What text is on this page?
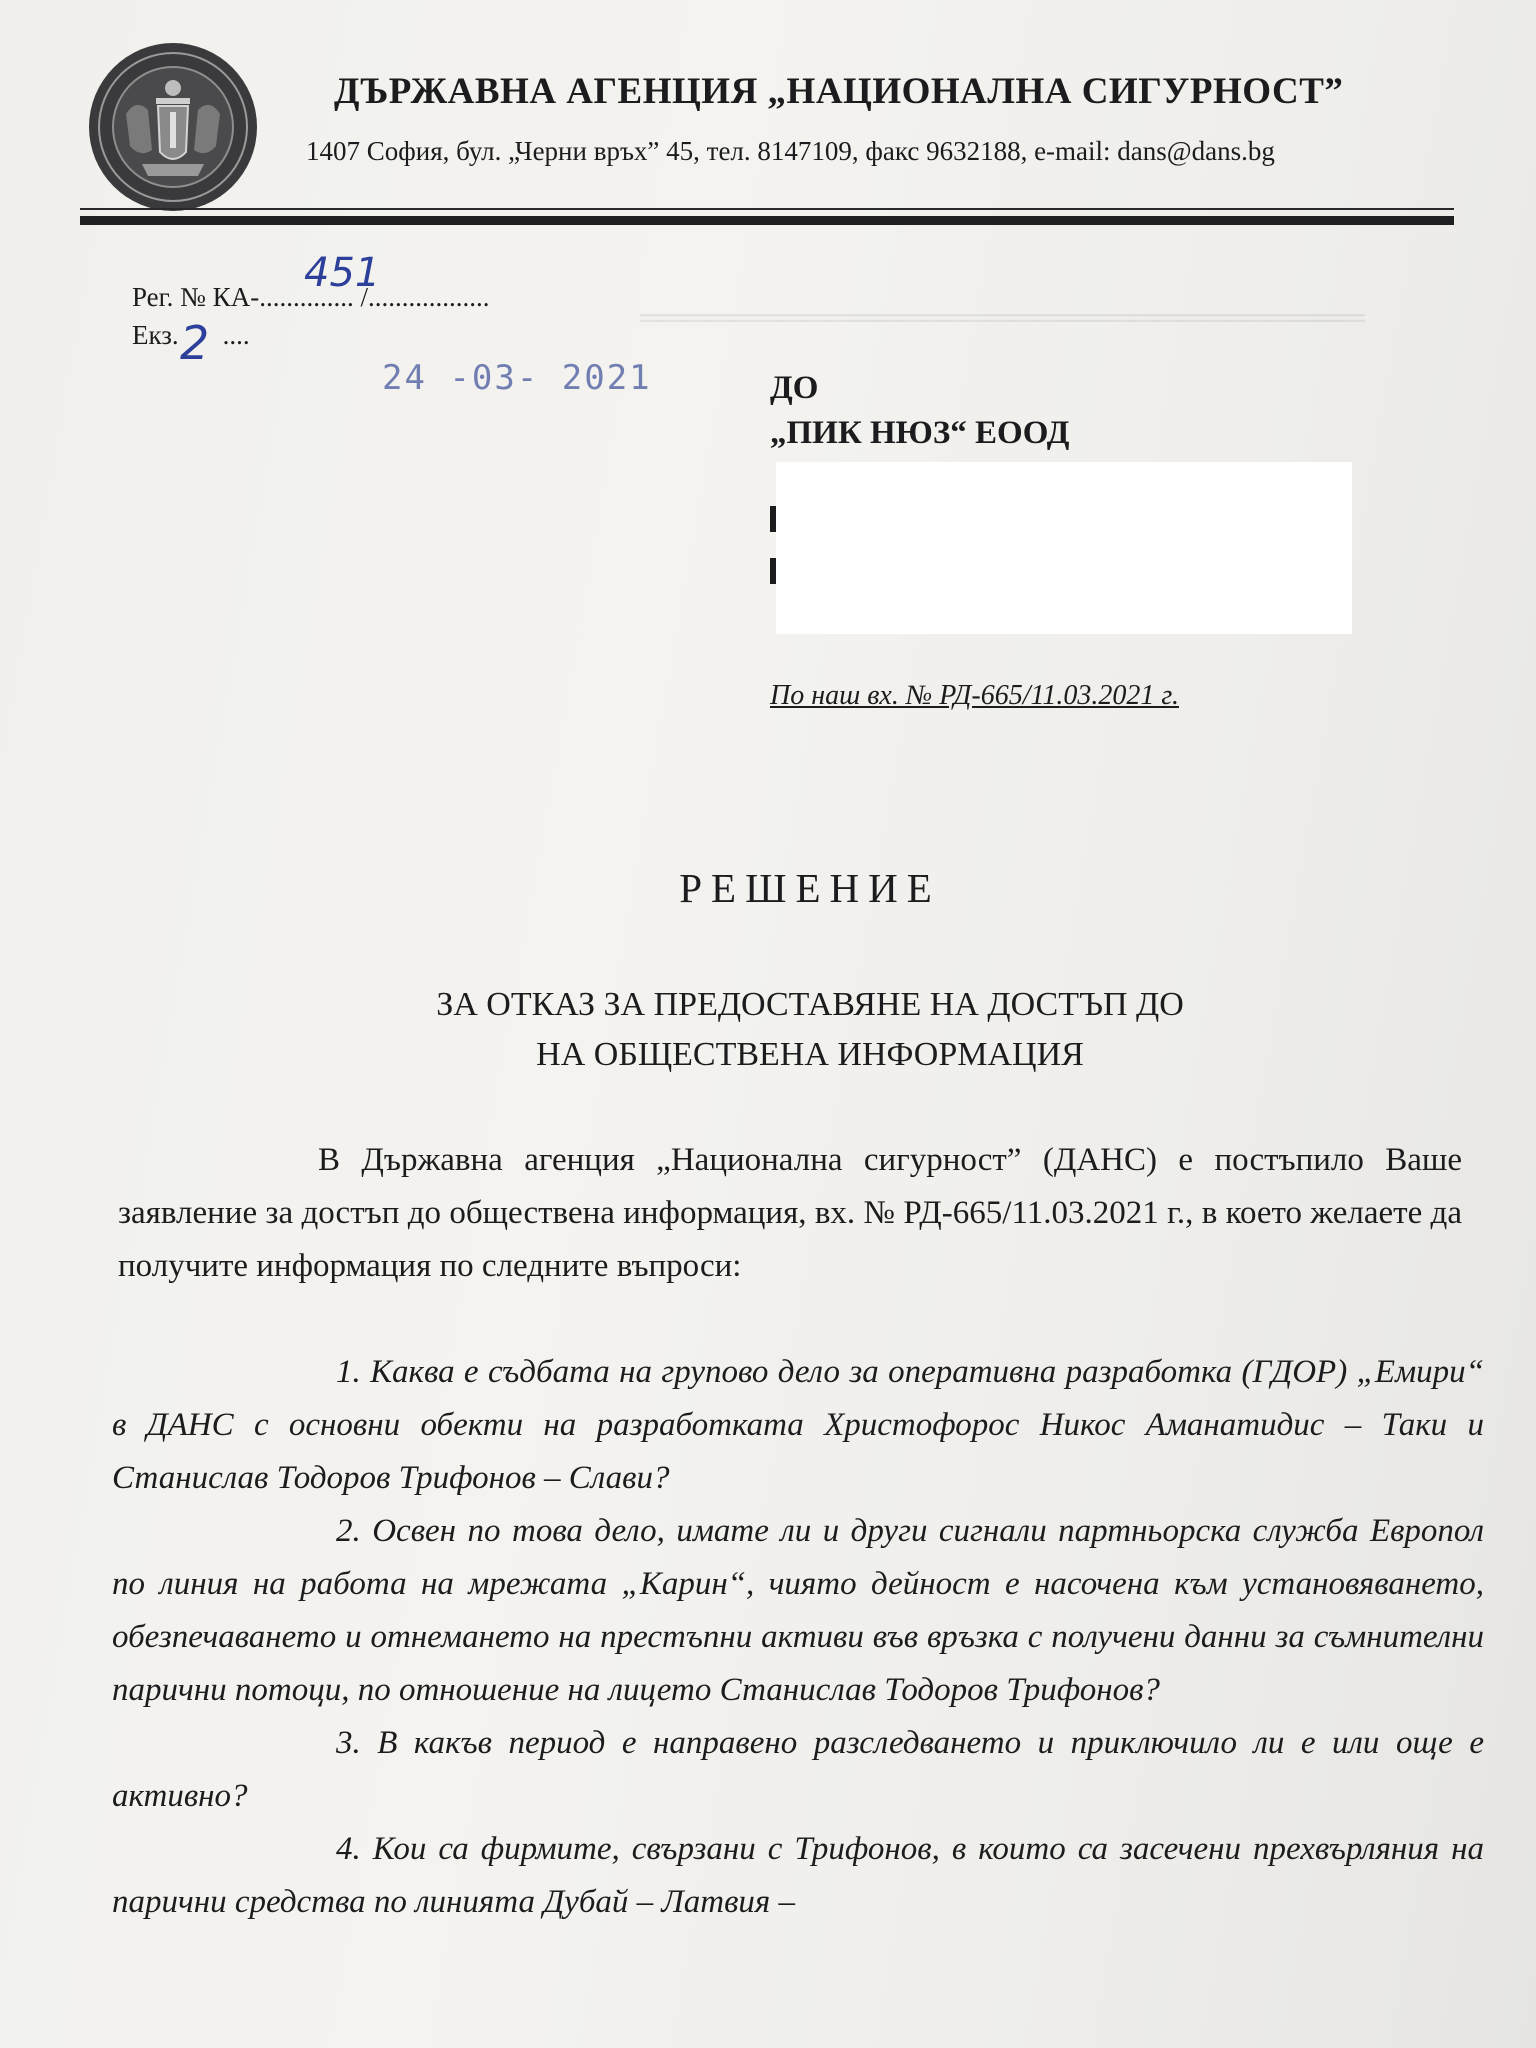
═══════════════════════════════
ДЪРЖАВНА АГЕНЦИЯ „НАЦИОНАЛНА СИГУРНОСТ”
1407 София, бул. „Черни връх” 45, тел. 8147109, факс 9632188, e-mail: dans@dans.bg
Рег. № КА-.............. /..................
451
Екз. ....
2
24 -03- 2021	ДО
„ПИК НЮЗ“ ЕООД
По наш вх. № РД-665/11.03.2021 г.
РЕШЕНИЕ
ЗА ОТКАЗ ЗА ПРЕДОСТАВЯНЕ НА ДОСТЪП ДО
НА ОБЩЕСТВЕНА ИНФОРМАЦИЯ

В Държавна агенция „Национална сигурност” (ДАНС) е постъпило Ваше заявление за достъп до обществена информация, вх. № РД-665/11.03.2021 г., в което желаете да получите информация по следните въпроси:

1. Каква е съдбата на групово дело за оперативна разработка (ГДОР) „Емири“ в ДАНС с основни обекти на разработката Христофорос Никос Аманатидис – Таки и Станислав Тодоров Трифонов – Слави?

2. Освен по това дело, имате ли и други сигнали партньорска служба Европол по линия на работа на мрежата „Карин“, чиято дейност е насочена към установяването, обезпечаването и отнемането на престъпни активи във връзка с получени данни за съмнителни парични потоци, по отношение на лицето Станислав Тодоров Трифонов?

3. В какъв период е направено разследването и приключило ли е или още е активно?

4. Кои са фирмите, свързани с Трифонов, в които са засечени прехвърляния на парични средства по линията Дубай – Латвия –
